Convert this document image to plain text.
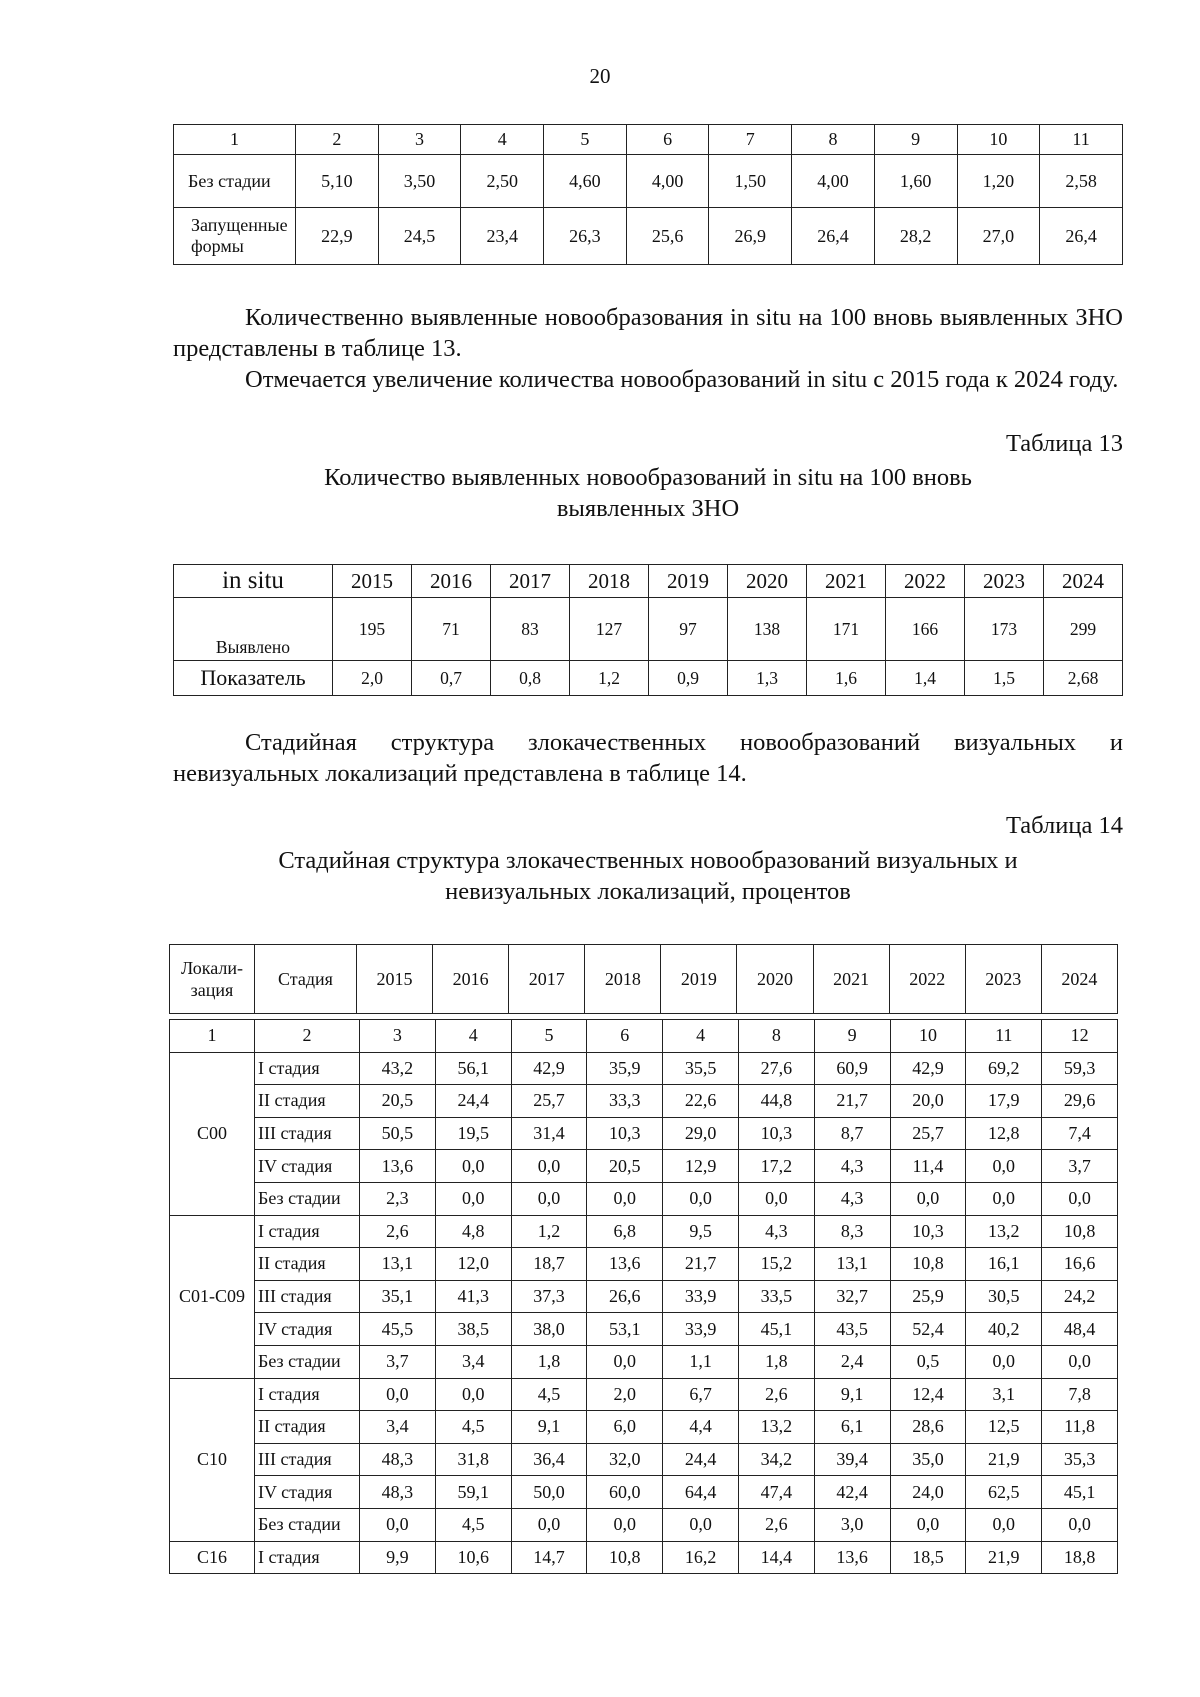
20
1	2	3	4	5	6	7	8	9	10	11
Без стадии	5,10	3,50	2,50	4,60	4,00	1,50	4,00	1,60	1,20	2,58
Запущенные формы	22,9	24,5	23,4	26,3	25,6	26,9	26,4	28,2	27,0	26,4

Количественно выявленные новообразования in situ на 100 вновь выявленных ЗНО представлены в таблице 13.

Отмечается увеличение количества новообразований in situ с 2015 года к 2024 году.

Таблица 13

Количество выявленных новообразований in situ на 100 вновь

выявленных ЗНО

in situ	2015	2016	2017	2018	2019	2020	2021	2022	2023	2024
Выявлено	195	71	83	127	97	138	171	166	173	299
Показатель	2,0	0,7	0,8	1,2	0,9	1,3	1,6	1,4	1,5	2,68

Стадийная структура злокачественных новообразований визуальных и невизуальных локализаций представлена в таблице 14.

Таблица 14

Стадийная структура злокачественных новообразований визуальных и

невизуальных локализаций, процентов

Локали-
зация	Стадия	2015	2016	2017	2018	2019	2020	2021	2022	2023	2024
1	2	3	4	5	6	4	8	9	10	11	12
С00	I стадия	43,2	56,1	42,9	35,9	35,5	27,6	60,9	42,9	69,2	59,3
	II стадия	20,5	24,4	25,7	33,3	22,6	44,8	21,7	20,0	17,9	29,6
	III стадия	50,5	19,5	31,4	10,3	29,0	10,3	8,7	25,7	12,8	7,4
	IV стадия	13,6	0,0	0,0	20,5	12,9	17,2	4,3	11,4	0,0	3,7
	Без стадии	2,3	0,0	0,0	0,0	0,0	0,0	4,3	0,0	0,0	0,0
С01-С09	I стадия	2,6	4,8	1,2	6,8	9,5	4,3	8,3	10,3	13,2	10,8
	II стадия	13,1	12,0	18,7	13,6	21,7	15,2	13,1	10,8	16,1	16,6
	III стадия	35,1	41,3	37,3	26,6	33,9	33,5	32,7	25,9	30,5	24,2
	IV стадия	45,5	38,5	38,0	53,1	33,9	45,1	43,5	52,4	40,2	48,4
	Без стадии	3,7	3,4	1,8	0,0	1,1	1,8	2,4	0,5	0,0	0,0
С10	I стадия	0,0	0,0	4,5	2,0	6,7	2,6	9,1	12,4	3,1	7,8
	II стадия	3,4	4,5	9,1	6,0	4,4	13,2	6,1	28,6	12,5	11,8
	III стадия	48,3	31,8	36,4	32,0	24,4	34,2	39,4	35,0	21,9	35,3
	IV стадия	48,3	59,1	50,0	60,0	64,4	47,4	42,4	24,0	62,5	45,1
	Без стадии	0,0	4,5	0,0	0,0	0,0	2,6	3,0	0,0	0,0	0,0
С16	I стадия	9,9	10,6	14,7	10,8	16,2	14,4	13,6	18,5	21,9	18,8
